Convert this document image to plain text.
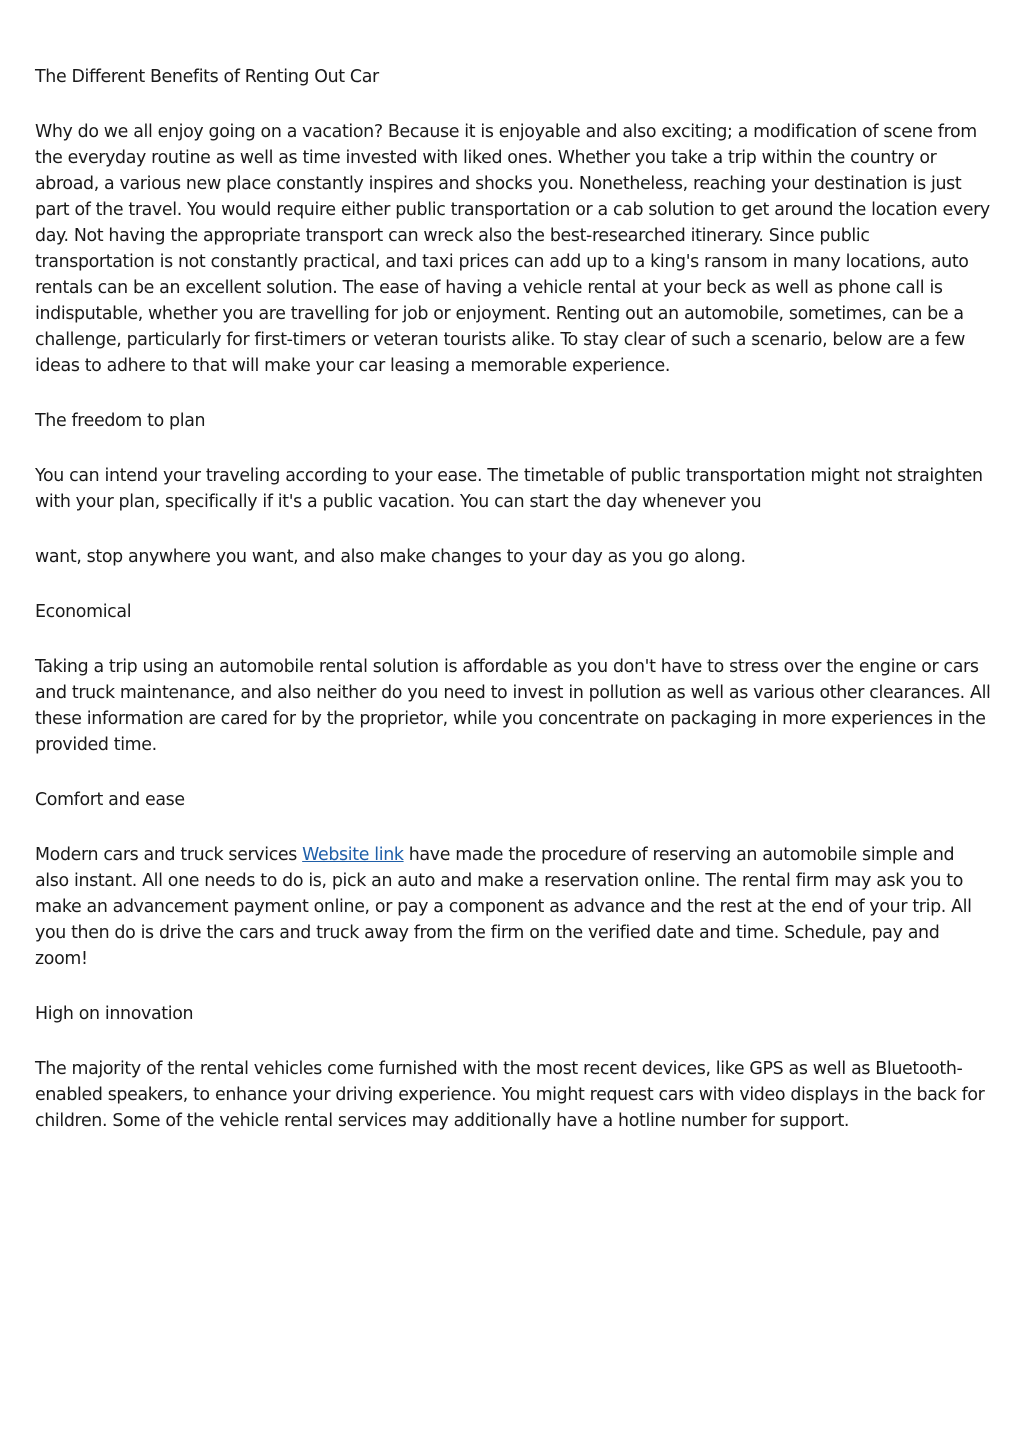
The Different Benefits of Renting Out Car

Why do we all enjoy going on a vacation? Because it is enjoyable and also exciting; a modification of scene from the everyday routine as well as time invested with liked ones. Whether you take a trip within the country or abroad, a various new place constantly inspires and shocks you. Nonetheless, reaching your destination is just part of the travel. You would require either public transportation or a cab solution to get around the location every day. Not having the appropriate transport can wreck also the best-researched itinerary. Since public transportation is not constantly practical, and taxi prices can add up to a king's ransom in many locations, auto rentals can be an excellent solution. The ease of having a vehicle rental at your beck as well as phone call is indisputable, whether you are travelling for job or enjoyment. Renting out an automobile, sometimes, can be a challenge, particularly for first-timers or veteran tourists alike. To stay clear of such a scenario, below are a few ideas to adhere to that will make your car leasing a memorable experience.

The freedom to plan

You can intend your traveling according to your ease. The timetable of public transportation might not straighten with your plan, specifically if it's a public vacation. You can start the day whenever you

want, stop anywhere you want, and also make changes to your day as you go along.

Economical

Taking a trip using an automobile rental solution is affordable as you don't have to stress over the engine or cars and truck maintenance, and also neither do you need to invest in pollution as well as various other clearances. All these information are cared for by the proprietor, while you concentrate on packaging in more experiences in the provided time.

Comfort and ease

Modern cars and truck services Website link have made the procedure of reserving an automobile simple and also instant. All one needs to do is, pick an auto and make a reservation online. The rental firm may ask you to make an advancement payment online, or pay a component as advance and the rest at the end of your trip. All you then do is drive the cars and truck away from the firm on the verified date and time. Schedule, pay and zoom!

High on innovation

The majority of the rental vehicles come furnished with the most recent devices, like GPS as well as Bluetooth-enabled speakers, to enhance your driving experience. You might request cars with video displays in the back for children. Some of the vehicle rental services may additionally have a hotline number for support.
